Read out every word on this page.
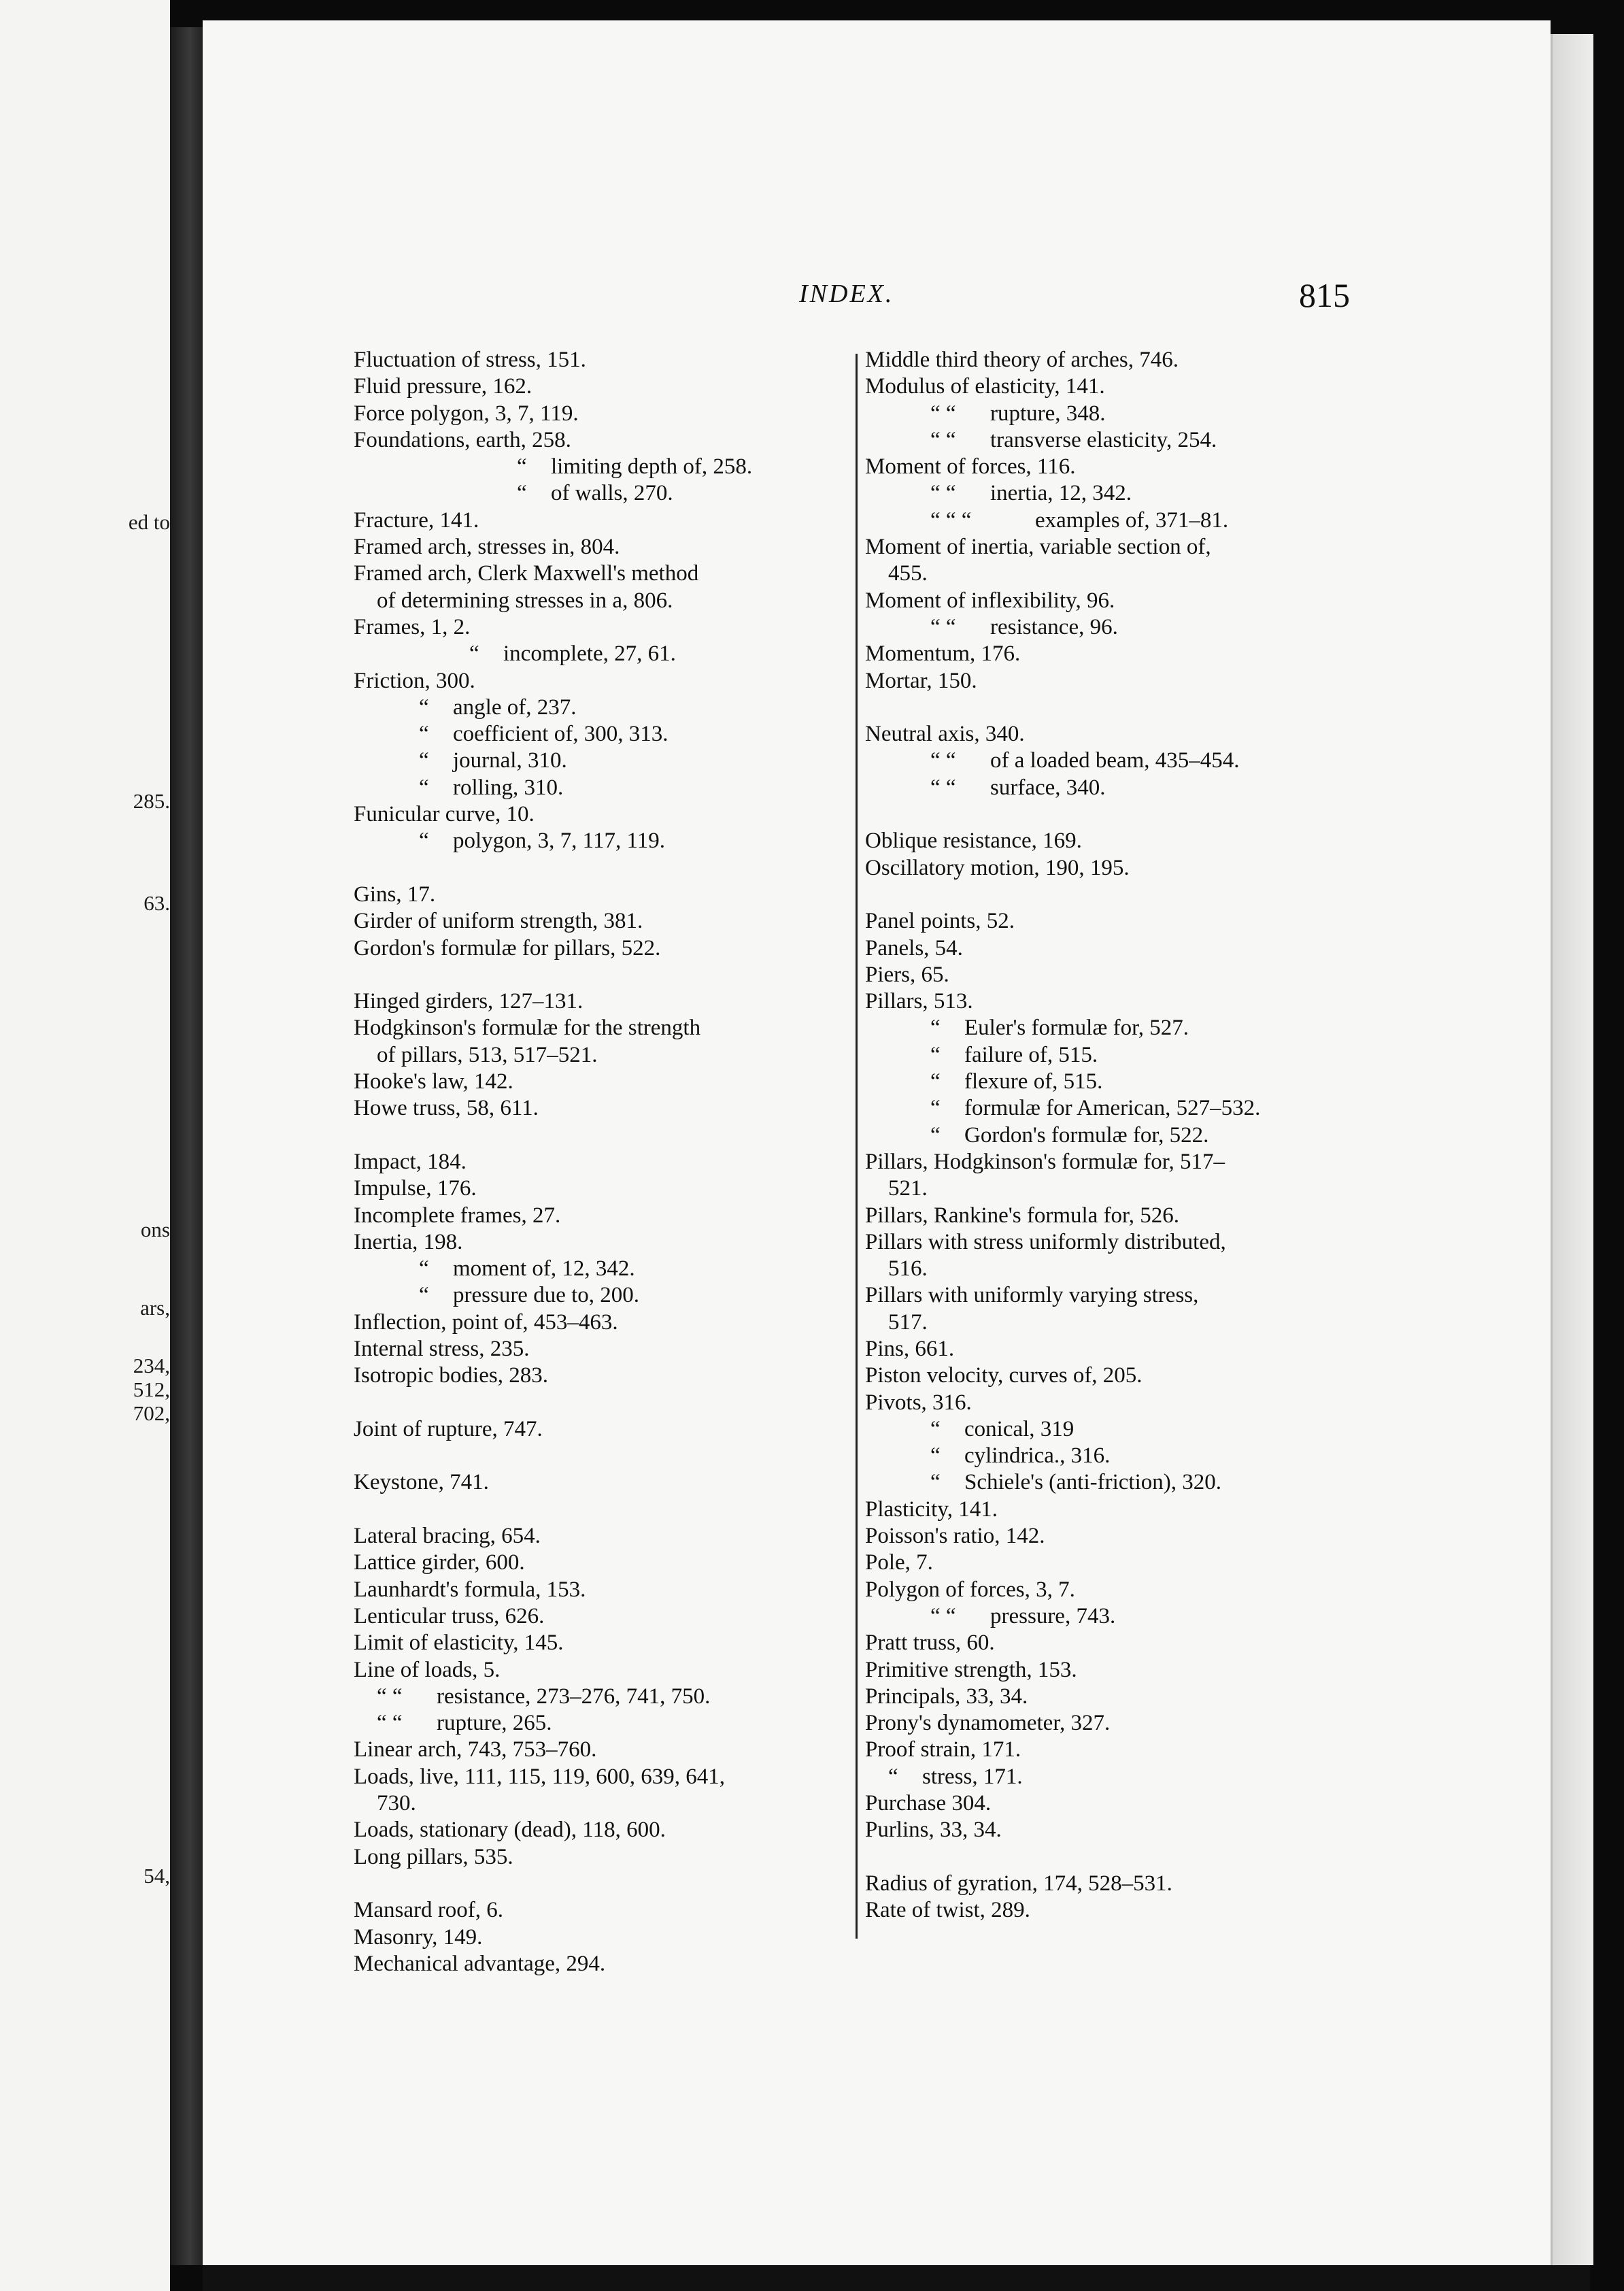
ed to
285.
63.
ons
ars,
234,
512,
702,
54,
INDEX.	815
Fluctuation of stress, 151.
Fluid pressure, 162.
Force polygon, 3, 7, 119.
Foundations, earth, 258.
“ limiting depth of, 258.
“ of walls, 270.
Fracture, 141.
Framed arch, stresses in, 804.
Framed arch, Clerk Maxwell's method
of determining stresses in a, 806.
Frames, 1, 2.
“ incomplete, 27, 61.
Friction, 300.
“ angle of, 237.
“ coefficient of, 300, 313.
“ journal, 310.
“ rolling, 310.
Funicular curve, 10.
“ polygon, 3, 7, 117, 119.
Gins, 17.
Girder of uniform strength, 381.
Gordon's formulæ for pillars, 522.
Hinged girders, 127–131.
Hodgkinson's formulæ for the strength
of pillars, 513, 517–521.
Hooke's law, 142.
Howe truss, 58, 611.
Impact, 184.
Impulse, 176.
Incomplete frames, 27.
Inertia, 198.
“ moment of, 12, 342.
“ pressure due to, 200.
Inflection, point of, 453–463.
Internal stress, 235.
Isotropic bodies, 283.
Joint of rupture, 747.
Keystone, 741.
Lateral bracing, 654.
Lattice girder, 600.
Launhardt's formula, 153.
Lenticular truss, 626.
Limit of elasticity, 145.
Line of loads, 5.
“ “ resistance, 273–276, 741, 750.
“ “ rupture, 265.
Linear arch, 743, 753–760.
Loads, live, 111, 115, 119, 600, 639, 641,
730.
Loads, stationary (dead), 118, 600.
Long pillars, 535.
Mansard roof, 6.
Masonry, 149.
Mechanical advantage, 294.
Middle third theory of arches, 746.
Modulus of elasticity, 141.
“ “ rupture, 348.
“ “ transverse elasticity, 254.
Moment of forces, 116.
“ “ inertia, 12, 342.
“ “ “	examples of, 371–81.
Moment of inertia, variable section of,
455.
Moment of inflexibility, 96.
“ “ resistance, 96.
Momentum, 176.
Mortar, 150.
Neutral axis, 340.
“ “ of a loaded beam, 435–454.
“ “ surface, 340.
Oblique resistance, 169.
Oscillatory motion, 190, 195.
Panel points, 52.
Panels, 54.
Piers, 65.
Pillars, 513.
“ Euler's formulæ for, 527.
“ failure of, 515.
“ flexure of, 515.
“ formulæ for American, 527–532.
“ Gordon's formulæ for, 522.
Pillars, Hodgkinson's formulæ for, 517–
521.
Pillars, Rankine's formula for, 526.
Pillars with stress uniformly distributed,
516.
Pillars with uniformly varying stress,
517.
Pins, 661.
Piston velocity, curves of, 205.
Pivots, 316.
“ conical, 319
“ cylindrica., 316.
“ Schiele's (anti-friction), 320.
Plasticity, 141.
Poisson's ratio, 142.
Pole, 7.
Polygon of forces, 3, 7.
“ “ pressure, 743.
Pratt truss, 60.
Primitive strength, 153.
Principals, 33, 34.
Prony's dynamometer, 327.
Proof strain, 171.
“ stress, 171.
Purchase 304.
Purlins, 33, 34.
Radius of gyration, 174, 528–531.
Rate of twist, 289.
